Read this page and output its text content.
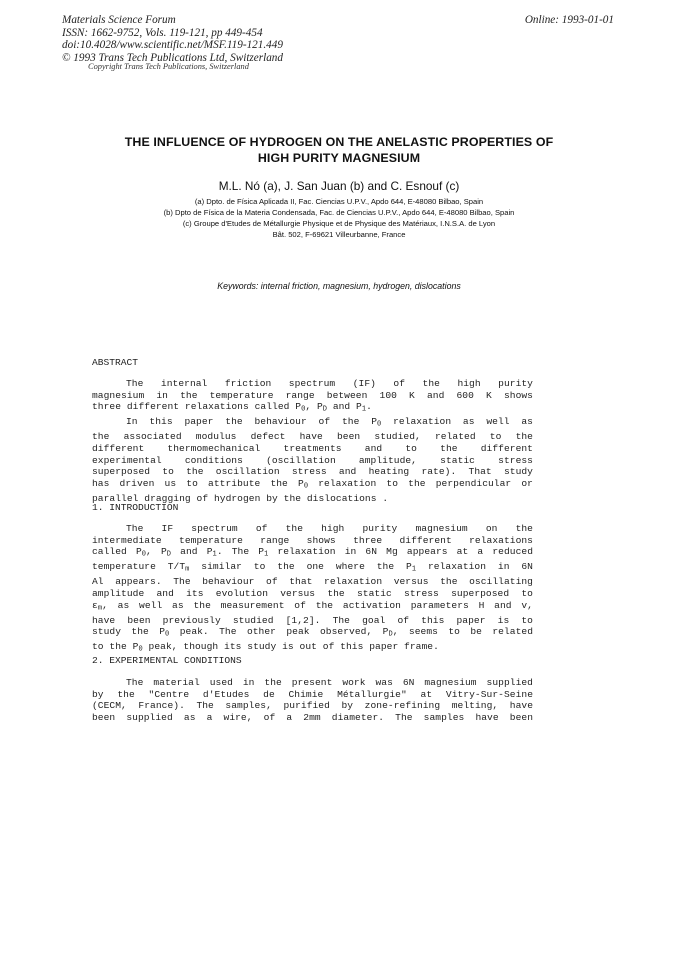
Materials Science Forum
ISSN: 1662-9752, Vols. 119-121, pp 449-454
doi:10.4028/www.scientific.net/MSF.119-121.449
© 1993 Trans Tech Publications Ltd, Switzerland
Online: 1993-01-01
Copyright Trans Tech Publications, Switzerland
THE INFLUENCE OF HYDROGEN ON THE ANELASTIC PROPERTIES OF
HIGH PURITY MAGNESIUM
M.L. Nó (a), J. San Juan (b) and C. Esnouf (c)
(a) Dpto. de Física Aplicada II, Fac. Ciencias U.P.V., Apdo 644, E-48080 Bilbao, Spain
(b) Dpto de Física de la Materia Condensada, Fac. de Ciencias U.P.V., Apdo 644, E-48080 Bilbao, Spain
(c) Groupe d'Etudes de Métallurgie Physique et de Physique des Matériaux, I.N.S.A. de Lyon
Bât. 502, F-69621 Villeurbanne, France
Keywords: internal friction, magnesium, hydrogen, dislocations
ABSTRACT

The internal friction spectrum (IF) of the high purity

magnesium in the temperature range between 100 K and 600 K shows

three different relaxations called $P_0$, $P_D$ and $P_1$.

In this paper the behaviour of the $P_0$ relaxation as well as

the associated modulus defect have been studied, related to the

different thermomechanical treatments and to the different

experimental conditions (oscillation amplitude, static stress

superposed to the oscillation stress and heating rate). That study

has driven us to attribute the $P_0$ relaxation to the perpendicular or

parallel dragging of hydrogen by the dislocations .

1. INTRODUCTION

The IF spectrum of the high purity magnesium on the

intermediate temperature range shows three different relaxations

called $P_0$, $P_D$ and $P_1$. The $P_1$ relaxation in 6N Mg appears at a reduced

temperature $T/T_m$ similar to the one where the $P_1$ relaxation in 6N

Al appears. The behaviour of that relaxation versus the oscillating

amplitude and its evolution versus the static stress superposed to

$\varepsilon_m$, as well as the measurement of the activation parameters H and v,

have been previously studied [1,2]. The goal of this paper is to

study the $P_0$ peak. The other peak observed, $P_D$, seems to be related

to the $P_0$ peak, though its study is out of this paper frame.

2. EXPERIMENTAL CONDITIONS

The material used in the present work was 6N magnesium supplied

by the "Centre d'Etudes de Chimie Métallurgie" at Vitry-Sur-Seine

(CECM, France). The samples, purified by zone-refining melting, have

been supplied as a wire, of a 2mm diameter. The samples have been
